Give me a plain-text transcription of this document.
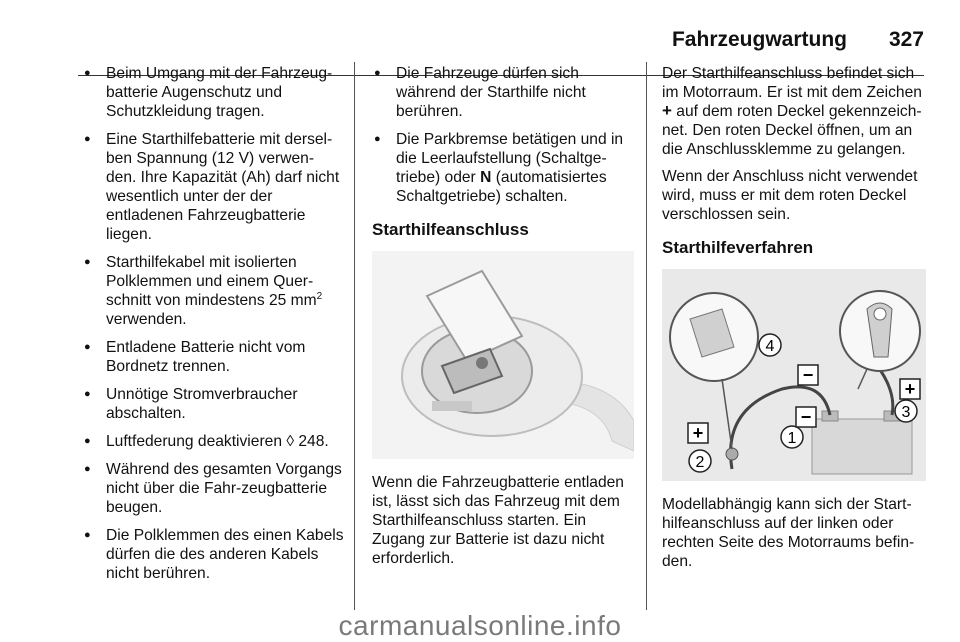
Fahrzeugwartung 327
● Beim Umgang mit der Fahrzeug-batterie Augenschutz und Schutzkleidung tragen.
● Eine Starthilfebatterie mit dersel-ben Spannung (12 V) verwen-den. Ihre Kapazität (Ah) darf nicht wesentlich unter der der entladenen Fahrzeugbatterie liegen.
● Starthilfekabel mit isolierten Polklemmen und einem Quer-schnitt von mindestens 25 $mm^2$ verwenden.
● Entladene Batterie nicht vom Bordnetz trennen.
● Unnötige Stromverbraucher abschalten.
● Luftfederung deaktivieren ◊ 248.
● Während des gesamten Vorgangs nicht über die Fahr-zeugbatterie beugen.
● Die Polklemmen des einen Kabels dürfen die des anderen Kabels nicht berühren.
● Die Fahrzeuge dürfen sich während der Starthilfe nicht berühren.
● Die Parkbremse betätigen und in die Leerlaufstellung (Schaltge-triebe) oder N (automatisiertes Schaltgetriebe) schalten.
Starthilfeanschluss
Wenn die Fahrzeugbatterie entladen ist, lässt sich das Fahrzeug mit dem Starthilfeanschluss starten. Ein Zugang zur Batterie ist dazu nicht erforderlich.
Der Starthilfeanschluss befindet sich im Motorraum. Er ist mit dem Zeichen + auf dem roten Deckel gekennzeich-net. Den roten Deckel öffnen, um an die Anschlussklemme zu gelangen.
Wenn der Anschluss nicht verwendet wird, muss er mit dem roten Deckel verschlossen sein.
Starthilfeverfahren
1
2
3
4
+
−
+
−
Modellabhängig kann sich der Start-hilfeanschluss auf der linken oder rechten Seite des Motorraums befin-den.
carmanualsonline.info
